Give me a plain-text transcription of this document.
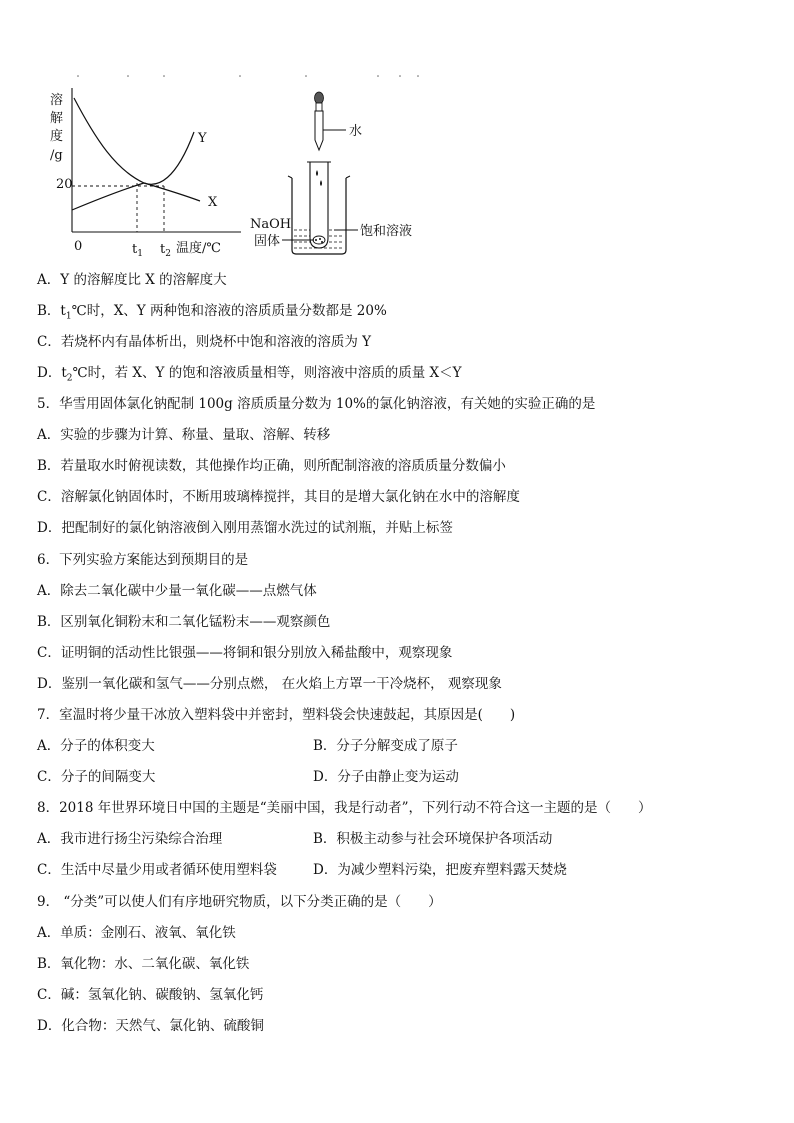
溶
解
度
/g
20
0	温度/℃
$t_1$ $t_2$
Y
X
水
NaOH
固体
饱和溶液
A．Y 的溶解度比 X 的溶解度大
B．$t_1℃$时，X、Y 两种饱和溶液的溶质质量分数都是 20%
C．若烧杯内有晶体析出，则烧杯中饱和溶液的溶质为 Y
D．$t_2℃$时，若 X、Y 的饱和溶液质量相等，则溶液中溶质的质量 X＜Y
5．华雪用固体氯化钠配制 100g 溶质质量分数为 10%的氯化钠溶液，有关她的实验正确的是
A．实验的步骤为计算、称量、量取、溶解、转移
B．若量取水时俯视读数，其他操作均正确，则所配制溶液的溶质质量分数偏小
C．溶解氯化钠固体时，不断用玻璃棒搅拌，其目的是增大氯化钠在水中的溶解度
D．把配制好的氯化钠溶液倒入刚用蒸馏水洗过的试剂瓶，并贴上标签
6．下列实验方案能达到预期目的是
A．除去二氧化碳中少量一氧化碳——点燃气体
B．区别氧化铜粉末和二氧化锰粉末——观察颜色
C．证明铜的活动性比银强——将铜和银分别放入稀盐酸中，观察现象
D．鉴别一氧化碳和氢气——分别点燃， 在火焰上方罩一干冷烧杯， 观察现象
7．室温时将少量干冰放入塑料袋中并密封，塑料袋会快速鼓起，其原因是(　　)
A．分子的体积变大	B．分子分解变成了原子
C．分子的间隔变大	D．分子由静止变为运动
8．2018 年世界环境日中国的主题是“美丽中国，我是行动者”，下列行动不符合这一主题的是（　　）
A．我市进行扬尘污染综合治理	B．积极主动参与社会环境保护各项活动
C．生活中尽量少用或者循环使用塑料袋	D．为减少塑料污染，把废弃塑料露天焚烧
9． “分类”可以使人们有序地研究物质，以下分类正确的是（　　）
A．单质：金刚石、液氧、氧化铁
B．氧化物：水、二氧化碳、氧化铁
C．碱：氢氧化钠、碳酸钠、氢氧化钙
D．化合物：天然气、氯化钠、硫酸铜
